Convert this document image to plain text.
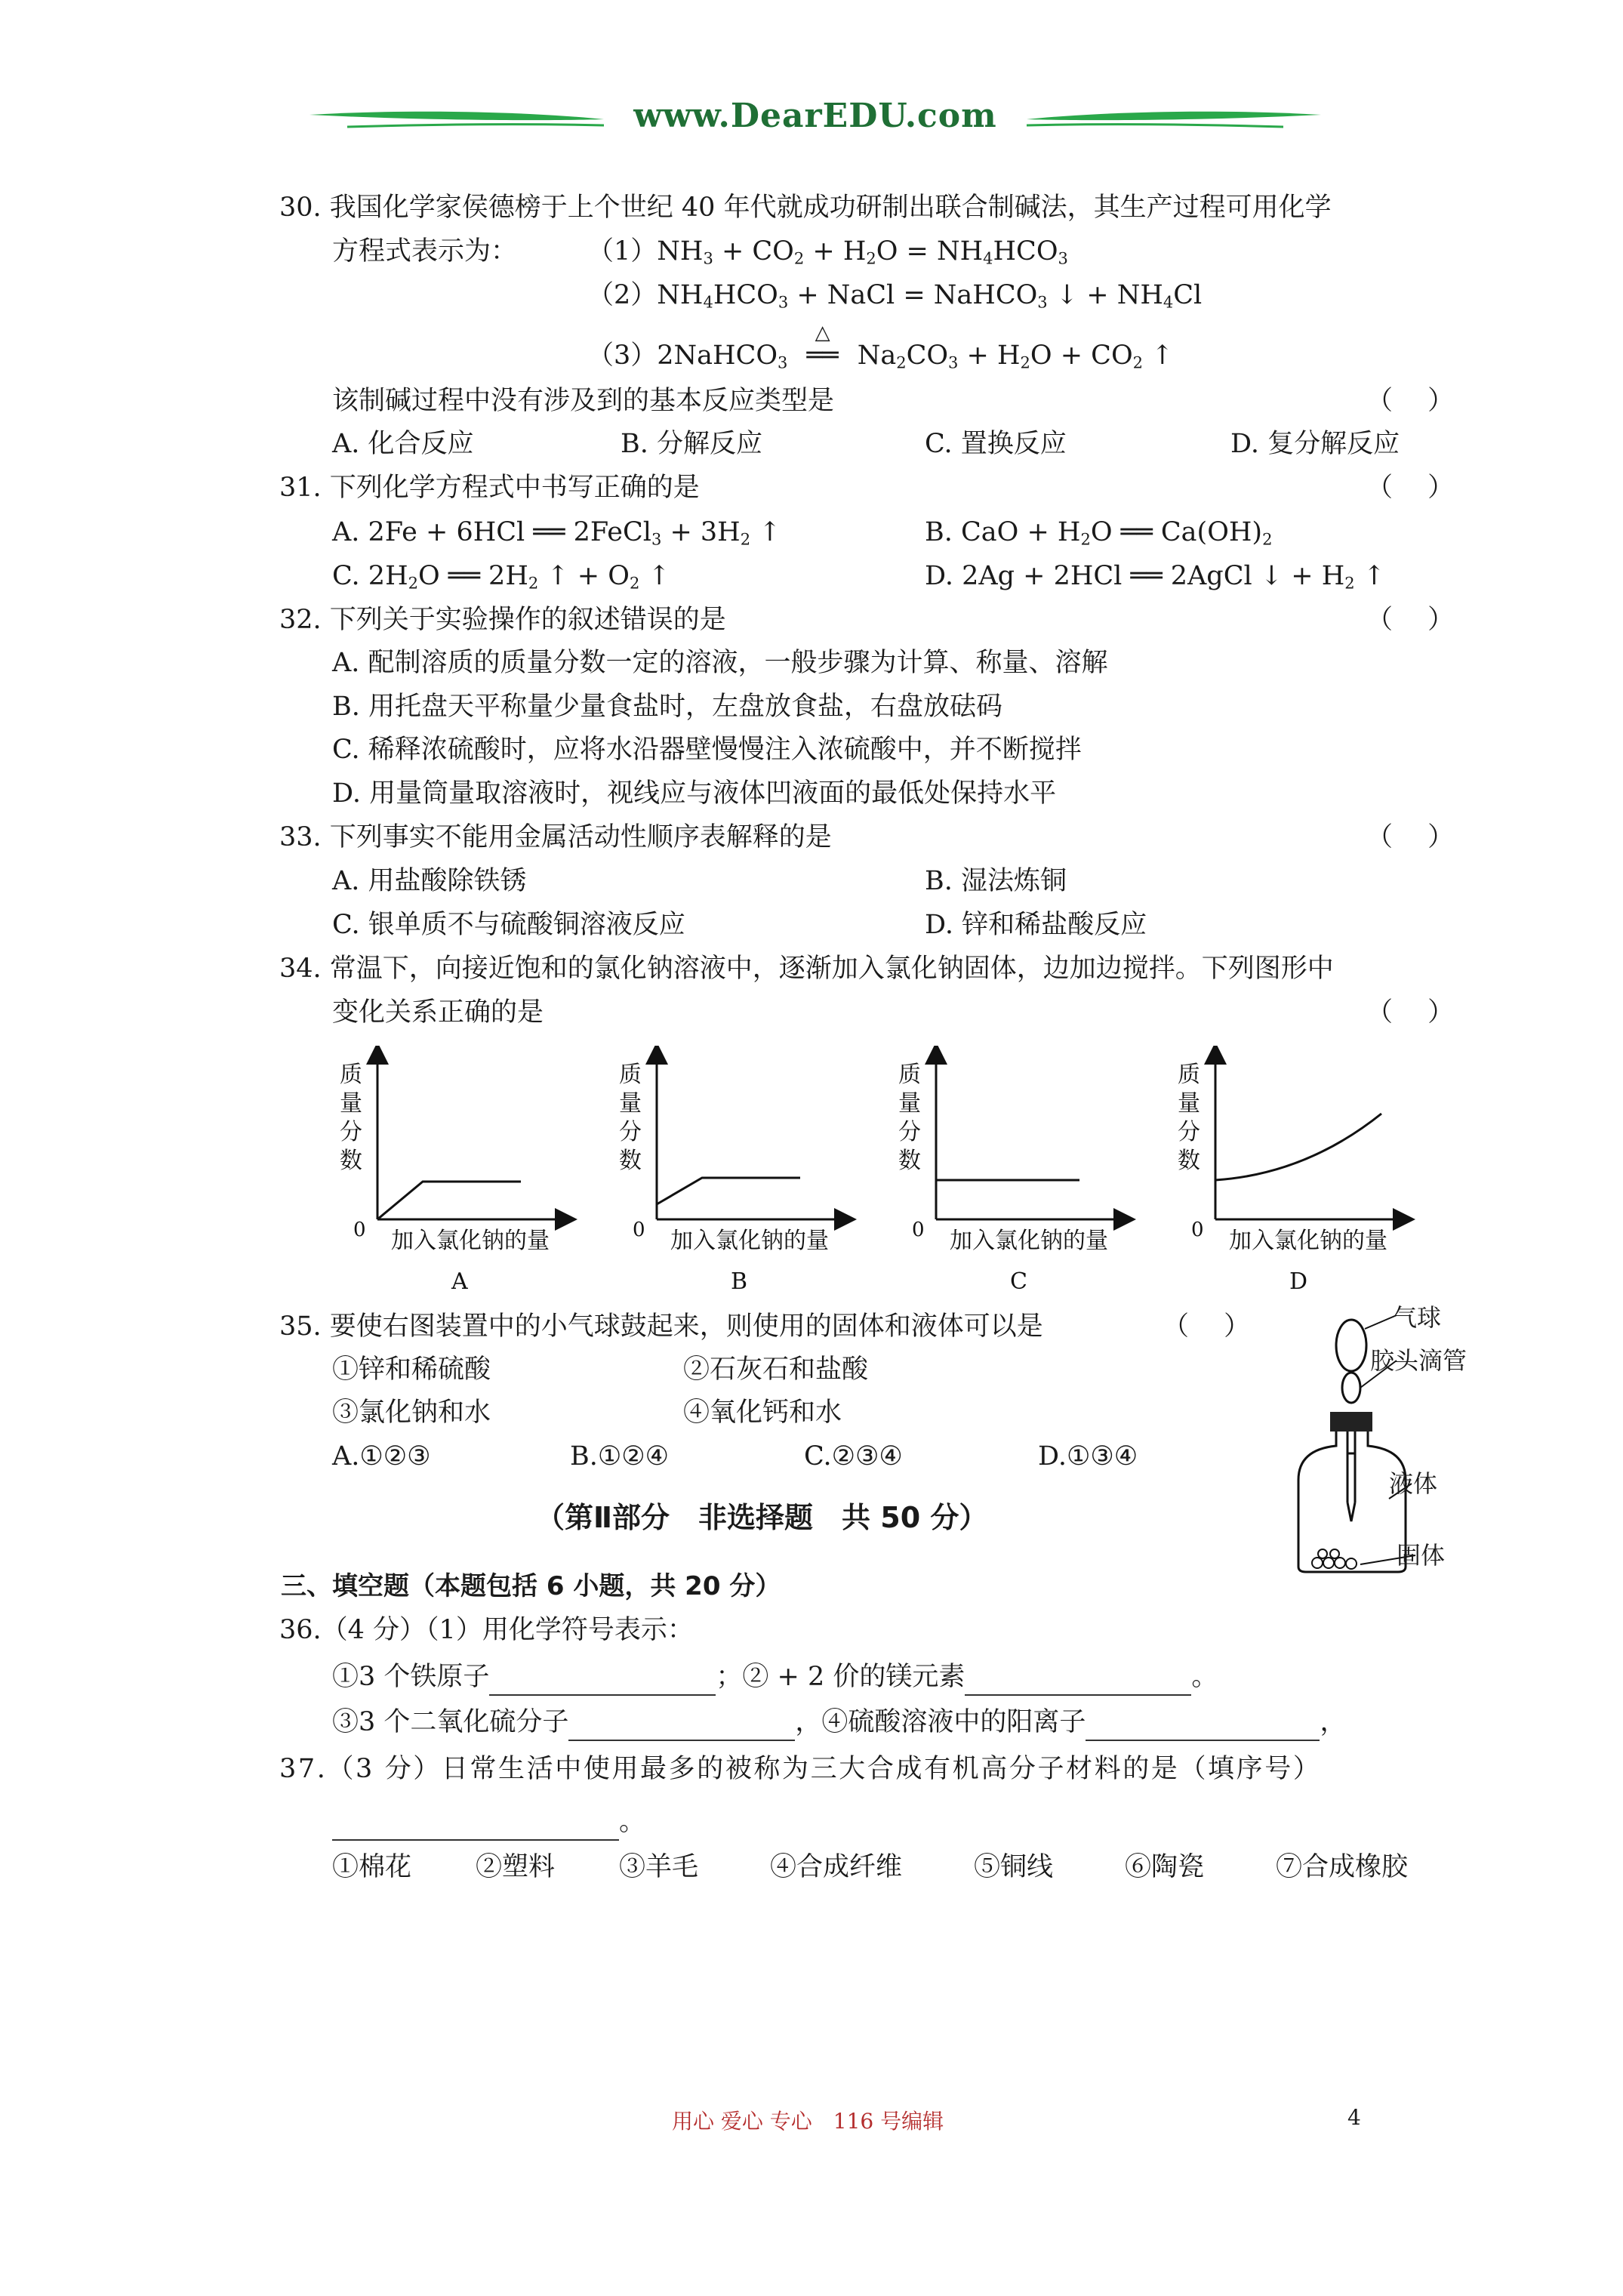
www.DearEDU.com
30. 我国化学家侯德榜于上个世纪 40 年代就成功研制出联合制碱法，其生产过程可用化学
方程式表示为：	$(1)NH_3 + CO_2 + H_2O = NH_4HCO_3$
$(2)NH_4HCO_3$ + NaCl = NaHCO$_3$ ↓ + $NH_4Cl$
（3）2NaHCO$_3$
△
══ $Na_2CO_3 + H_2O + CO_2$ ↑
该制碱过程中没有涉及到的基本反应类型是	（　 ）
A. 化合反应	B. 分解反应	C. 置换反应	D. 复分解反应
31. 下列化学方程式中书写正确的是	（　 ）
A. 2Fe + 6HCl ══ 2FeCl$_3$ + $3H_2$ ↑	B. CaO + $H_2O$ ══ $Ca(OH)_2$
C. $2H_2O$ ══ $2H_2$ ↑ + $O_2$ ↑	D. 2Ag + 2HCl ══ 2AgCl ↓ + $H_2$ ↑
32. 下列关于实验操作的叙述错误的是	（　 ）
A. 配制溶质的质量分数一定的溶液，一般步骤为计算、称量、溶解
B. 用托盘天平称量少量食盐时，左盘放食盐，右盘放砝码
C. 稀释浓硫酸时，应将水沿器壁慢慢注入浓硫酸中，并不断搅拌
D. 用量筒量取溶液时，视线应与液体凹液面的最低处保持水平
33. 下列事实不能用金属活动性顺序表解释的是	（　 ）
A. 用盐酸除铁锈	B. 湿法炼铜
C. 银单质不与硫酸铜溶液反应	D. 锌和稀盐酸反应
34. 常温下，向接近饱和的氯化钠溶液中，逐渐加入氯化钠固体，边加边搅拌。下列图形中
变化关系正确的是	（　 ）
质
量
分
数
0 加入氯化钠的量
A
质
量
分
数
0 加入氯化钠的量
B
质
量
分
数
0 加入氯化钠的量
C
质
量
分
数
0 加入氯化钠的量
D
35. 要使右图装置中的小气球鼓起来，则使用的固体和液体可以是	（　 ）
①锌和稀硫酸	②石灰石和盐酸
③氯化钠和水	④氧化钙和水
A.①②③	B.①②④	C.②③④	D.①③④
气球
胶头滴管
液体
固体
（第Ⅱ部分　非选择题　共 50 分）
三、填空题（本题包括 6 小题，共 20 分）
36.（4 分）（1）用化学符号表示：
①3 个铁原子	；② + 2 价的镁元素	。
③3 个二氧化硫分子	，④硫酸溶液中的阳离子	，
37.（3 分）日常生活中使用最多的被称为三大合成有机高分子材料的是（填序号）
。
①棉花 ②塑料 ③羊毛	④合成纤维	⑤铜线	⑥陶瓷	⑦合成橡胶
用心 爱心 专心　116 号编辑	4
